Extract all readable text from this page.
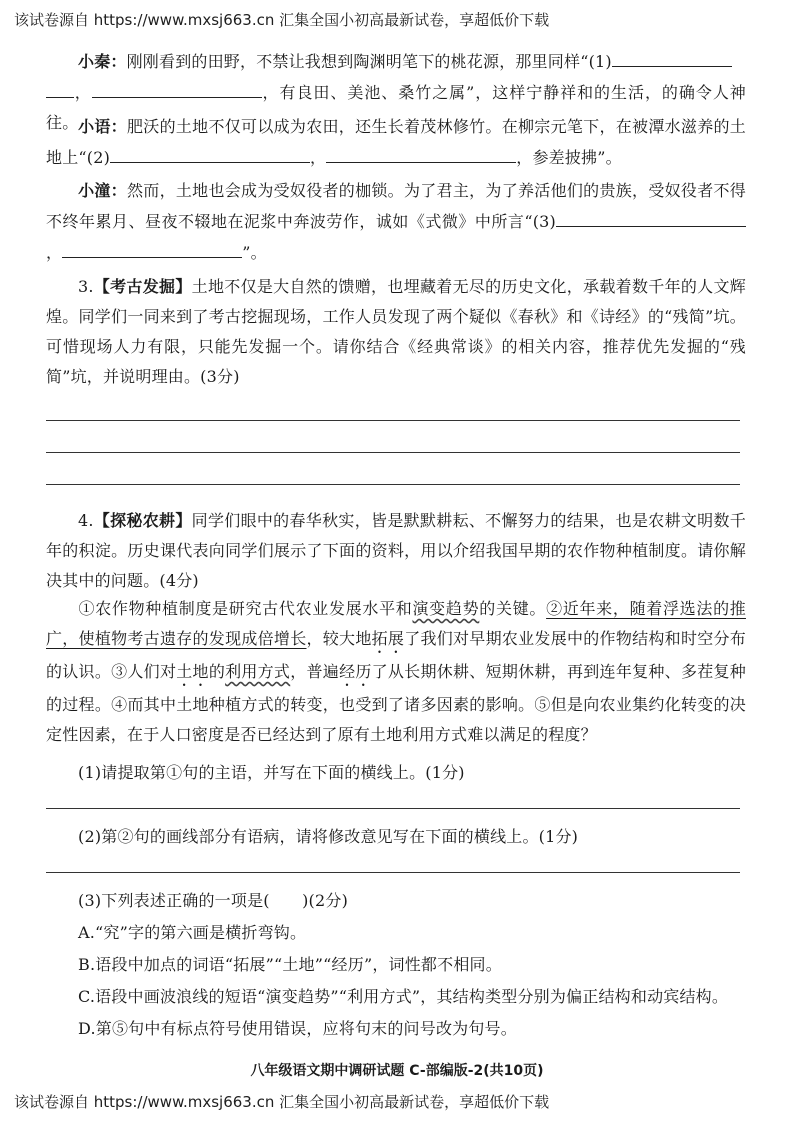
该试卷源自 https://www.mxsj663.cn 汇集全国小初高最新试卷，享超低价下载
小秦：刚刚看到的田野，不禁让我想到陶渊明笔下的桃花源，那里同样“(1)
，	，有良田、美池、桑竹之属”，这样宁静祥和的生活，的确令人神往。 小语：肥沃的土地不仅可以成为农田，还生长着茂林修竹。在柳宗元笔下，在被潭水滋养的土地上“(2)	，	，参差披拂”。
小潼：然而，土地也会成为受奴役者的枷锁。为了君主，为了养活他们的贵族，受奴役者不得不终年累月、昼夜不辍地在泥浆中奔波劳作，诚如《式微》中所言“(3)，	”。
3.【考古发掘】土地不仅是大自然的馈赠，也埋藏着无尽的历史文化，承载着数千年的人文辉煌。同学们一同来到了考古挖掘现场，工作人员发现了两个疑似《春秋》和《诗经》的“残简”坑。可惜现场人力有限，只能先发掘一个。请你结合《经典常谈》的相关内容，推荐优先发掘的“残简”坑，并说明理由。(3分)
4.【探秘农耕】同学们眼中的春华秋实，皆是默默耕耘、不懈努力的结果，也是农耕文明数千年的积淀。历史课代表向同学们展示了下面的资料，用以介绍我国早期的农作物种植制度。请你解决其中的问题。(4分)
①农作物种植制度是研究古代农业发展水平和演变趋势的关键。②近年来，随着浮选法的推广，使植物考古遗存的发现成倍增长，较大地拓展了我们对早期农业发展中的作物结构和时空分布的认识。③人们对土地的利用方式，普遍经历了从长期休耕、短期休耕，再到连年复种、多茬复种的过程。④而其中土地种植方式的转变，也受到了诸多因素的影响。⑤但是向农业集约化转变的决定性因素，在于人口密度是否已经达到了原有土地利用方式难以满足的程度？
(1)请提取第①句的主语，并写在下面的横线上。(1分)
(2)第②句的画线部分有语病，请将修改意见写在下面的横线上。(1分)
(3)下列表述正确的一项是(　　)(2分)
A.“究”字的第六画是横折弯钩。
B.语段中加点的词语“拓展”“土地”“经历”，词性都不相同。
C.语段中画波浪线的短语“演变趋势”“利用方式”，其结构类型分别为偏正结构和动宾结构。
D.第⑤句中有标点符号使用错误，应将句末的问号改为句号。
八年级语文期中调研试题 C-部编版-2(共10页)
该试卷源自 https://www.mxsj663.cn 汇集全国小初高最新试卷，享超低价下载
